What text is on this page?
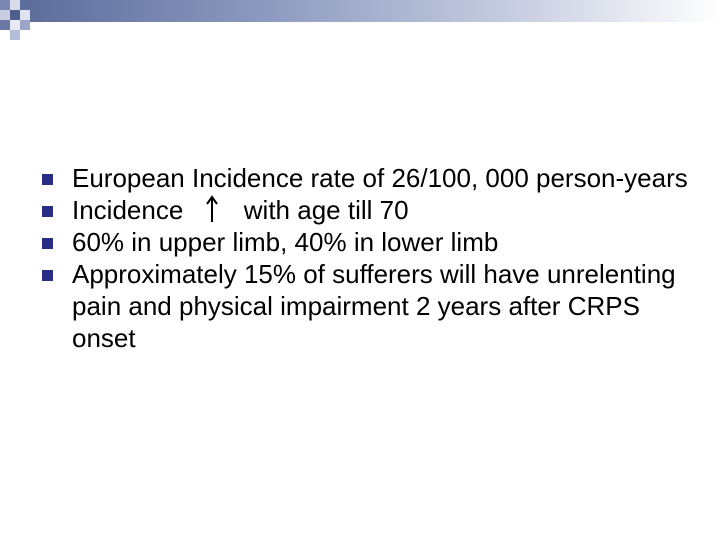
European Incidence rate of 26/100, 000 person-years
Incidence with age till 70
60% in upper limb, 40% in lower limb
Approximately 15% of sufferers will have unrelenting pain and physical impairment 2 years after CRPS onset
